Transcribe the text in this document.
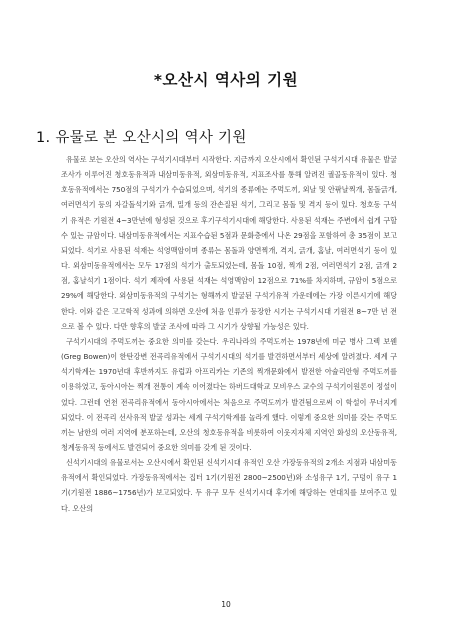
*오산시 역사의 기원
1. 유물로 본 오산시의 역사 기원

유물로 보는 오산의 역사는 구석기시대부터 시작한다. 지금까지 오산시에서 확인된 구석기시대 유물은 발굴조사가 이루어진 청호동유적과 내삼미동유적, 외삼미동유적, 지표조사를 통해 알려진 궐골동유적이 있다. 청호동유적에서는 750점의 구석기가 수습되었으며, 석기의 종류에는 주먹도끼, 외날 및 안팎날찍개, 몸돌긁개, 여러면석기 등의 자갈돌석기와 긁개, 밀개 등의 잔손질된 석기, 그리고 몸돌 및 격지 등이 있다. 청호동 구석기 유적은 기원전 4~3만년에 형성된 것으로 후기구석기시대에 해당한다. 사용된 석재는 주변에서 쉽게 구할 수 있는 규암이다. 내삼미동유적에서는 지표수습된 5점과 문화층에서 나온 29점을 포함하여 총 35점이 보고되었다. 석기로 사용된 석재는 석영맥암이며 종류는 몸돌과 양면찍개, 격지, 긁개, 홈날, 여러면석기 등이 있다. 외삼미동유적에서는 모두 17점의 석기가 출토되었는데, 몸돌 10점, 찍개 2점, 여러면석기 2점, 긁개 2점, 홈날석기 1점이다. 석기 제작에 사용된 석재는 석영맥암이 12점으로 71%를 차지하며, 규암이 5점으로 29%에 해당한다. 외삼미동유적의 구석기는 형해까지 발굴된 구석기유적 가운데에는 가장 이른시기에 해당한다. 이와 같은 고고학적 성과에 의하면 오산에 처음 인류가 등장한 시기는 구석기시대 기원전 8~7만 년 전으로 볼 수 있다. 다만 향후의 발굴 조사에 따라 그 시기가 상향될 가능성은 있다.

구석기시대의 주먹도끼는 중요한 의미를 갖는다. 우리나라의 주먹도끼는 1978년에 미군 병사 그렉 보웬(Greg Bowen)이 한탄강변 전곡리유적에서 구석기시대의 석기를 발견하면서부터 세상에 알려졌다. 세계 구석기학계는 1970년대 후반까지도 유럽과 아프리카는 기존의 찍개문화에서 발전한 아슐리안형 주먹도끼를 이용하였고, 동아시아는 찍개 전통이 계속 이어졌다는 하버드대학교 모비우스 교수의 구석기이원론이 정설이었다. 그런데 연천 전곡리유적에서 동아시아에서는 처음으로 주먹도끼가 발견됨으로써 이 학설이 무너지게 되었다. 이 전곡리 선사유적 발굴 성과는 세계 구석기학계를 놀라게 했다. 이렇게 중요한 의미를 갖는 주먹도끼는 남한의 여러 지역에 분포하는데, 오산의 청호동유적을 비롯하여 이웃지자체 지역인 화성의 오산동유적, 청계동유적 등에서도 발견되어 중요한 의미를 갖게 된 것이다.

신석기시대의 유물로서는 오산시에서 확인된 신석기시대 유적인 오산 가장동유적의 2개소 지점과 내삼미동유적에서 확인되었다. 가장동유적에서는 집터 1기(기원전 2800~2500년)와 소성유구 1기, 구덩이 유구 1기(기원전 1886~1756년)가 보고되었다. 두 유구 모두 신석기시대 후기에 해당하는 연대치를 보여주고 있다. 오산의

10
